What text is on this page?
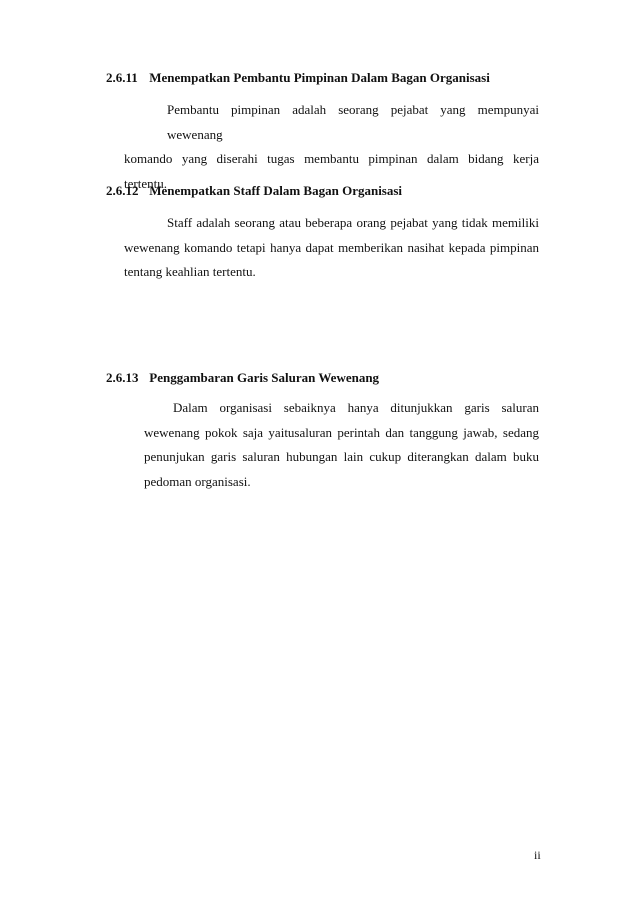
2.6.11 Menempatkan Pembantu Pimpinan Dalam Bagan Organisasi
Pembantu pimpinan adalah seorang pejabat yang mempunyai wewenang
komando yang diserahi tugas membantu pimpinan dalam bidang kerja
tertentu.
2.6.12 Menempatkan Staff Dalam Bagan Organisasi
Staff adalah seorang atau beberapa orang pejabat yang tidak memiliki
wewenang komando tetapi hanya dapat memberikan nasihat kepada pimpinan
tentang keahlian tertentu.
2.6.13 Penggambaran Garis Saluran Wewenang
Dalam organisasi sebaiknya hanya ditunjukkan garis saluran
wewenang pokok saja yaitusaluran perintah dan tanggung jawab, sedang
penunjukan garis saluran hubungan lain cukup diterangkan dalam buku
pedoman organisasi.
ii
